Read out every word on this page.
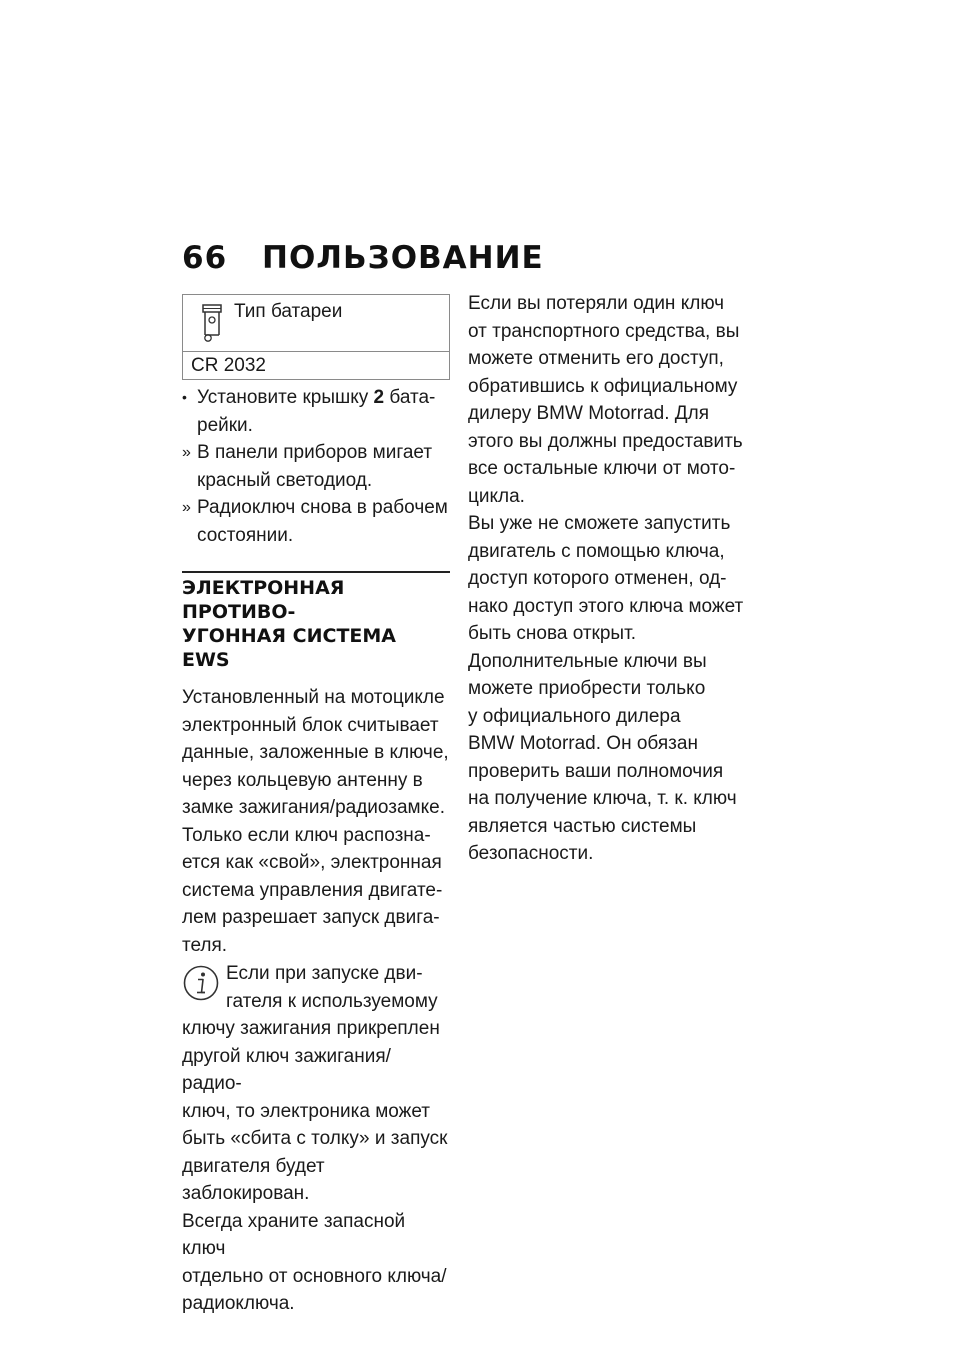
66 ПОЛЬЗОВАНИЕ
Тип батареи
CR 2032
• Установите крышку 2 бата-
рейки.
» В панели приборов мигает
красный светодиод.
» Радиоключ снова в рабочем
состоянии.
ЭЛЕКТРОННАЯ ПРОТИВО-
УГОННАЯ СИСТЕМА EWS

Установленный на мотоцикле
электронный блок считывает
данные, заложенные в ключе,
через кольцевую антенну в
замке зажигания/радиозамке.
Только если ключ распозна-
ется как «свой», электронная
система управления двигате-
лем разрешает запуск двига-
теля.

Если при запуске дви-
гателя к используемому

ключу зажигания прикреплен
другой ключ зажигания/радио-
ключ, то электроника может
быть «сбита с толку» и запуск
двигателя будет заблокирован.
Всегда храните запасной ключ
отдельно от основного ключа/
радиоключа.

Если вы потеряли один ключ
от транспортного средства, вы
можете отменить его доступ,
обратившись к официальному
дилеру BMW Motorrad. Для
этого вы должны предоставить
все остальные ключи от мото-
цикла.

Вы уже не сможете запустить
двигатель с помощью ключа,
доступ которого отменен, од-
нако доступ этого ключа может
быть снова открыт.

Дополнительные ключи вы
можете приобрести только
у официального дилера
BMW Motorrad. Он обязан
проверить ваши полномочия
на получение ключа, т. к. ключ
является частью системы
безопасности.
